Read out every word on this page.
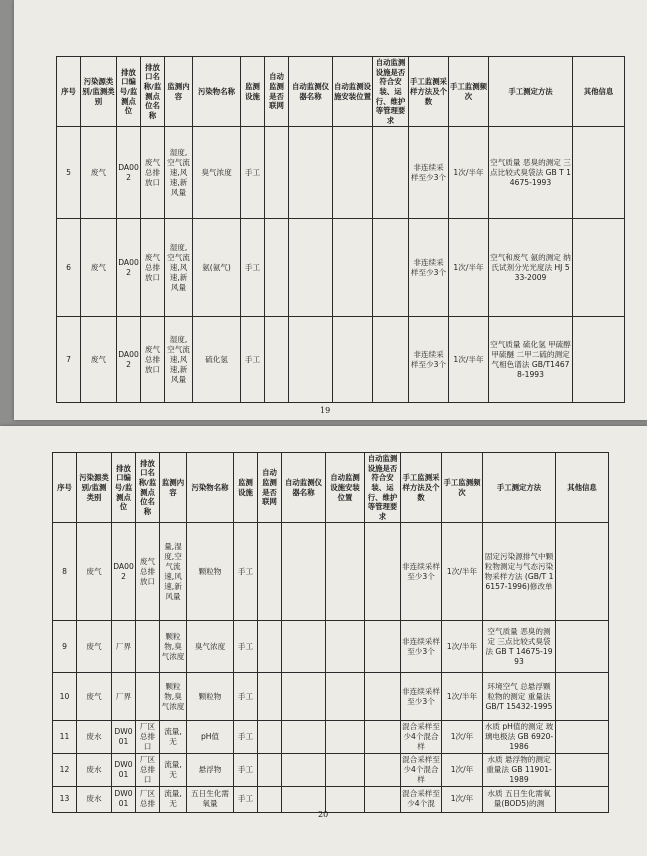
序号	污染源类别/监测类别	排放口编号/监测点位	排放口名称/监测点位名称	监测内容	污染物名称	监测设施	自动监测是否联网	自动监测仪器名称	自动监测设施安装位置	自动监测设施是否符合安装、运行、维护等管理要求	手工监测采样方法及个数	手工监测频次	手工测定方法	其他信息
5	废气	DA002	废气总排放口	湿度,空气流速,风速,新风量	臭气浓度	手工					非连续采样至少3个	1次/半年	空气质量 恶臭的测定 三点比较式臭袋法 GB T 14675-1993	
6	废气	DA002	废气总排放口	湿度,空气流速,风速,新风量	氨(氨气)	手工					非连续采样至少3个	1次/半年	空气和废气 氨的测定 纳氏试剂分光光度法 HJ 533-2009	
7	废气	DA002	废气总排放口	湿度,空气流速,风速,新风量	硫化氢	手工					非连续采样至少3个	1次/半年	空气质量 硫化氢 甲硫醇 甲硫醚 二甲二硫的测定 气相色谱法 GB/T14678-1993	
19
序号	污染源类别/监测类别	排放口编号/监测点位	排放口名称/监测点位名称	监测内容	污染物名称	监测设施	自动监测是否联网	自动监测仪器名称	自动监测设施安装位置	自动监测设施是否符合安装、运行、维护等管理要求	手工监测采样方法及个数	手工监测频次	手工测定方法	其他信息
8	废气	DA002	废气总排放口	量,湿度,空气流速,风速,新风量	颗粒物	手工					非连续采样至少3个	1次/半年	固定污染源排气中颗粒物测定与气态污染物采样方法 (GB/T 16157-1996)修改单	
9	废气	厂界		颗粒物,臭气浓度	臭气浓度	手工					非连续采样至少3个	1次/半年	空气质量 恶臭的测定 三点比较式臭袋法 GB T 14675-1993	
10	废气	厂界		颗粒物,臭气浓度	颗粒物	手工					非连续采样至少3个	1次/半年	环境空气 总悬浮颗粒物的测定 重量法 GB/T 15432-1995	
11	废水	DW001	厂区总排口	流量,无	pH值	手工					混合采样至少4个混合样	1次/年	水质 pH值的测定 玻璃电极法 GB 6920-1986	
12	废水	DW001	厂区总排口	流量,无	悬浮物	手工					混合采样至少4个混合样	1次/年	水质 悬浮物的测定 重量法 GB 11901-1989	
13	废水	DW001	厂区总排	流量,无	五日生化需氧量	手工					混合采样至少4个混	1次/年	水质 五日生化需氧量(BOD5)的测	
20
